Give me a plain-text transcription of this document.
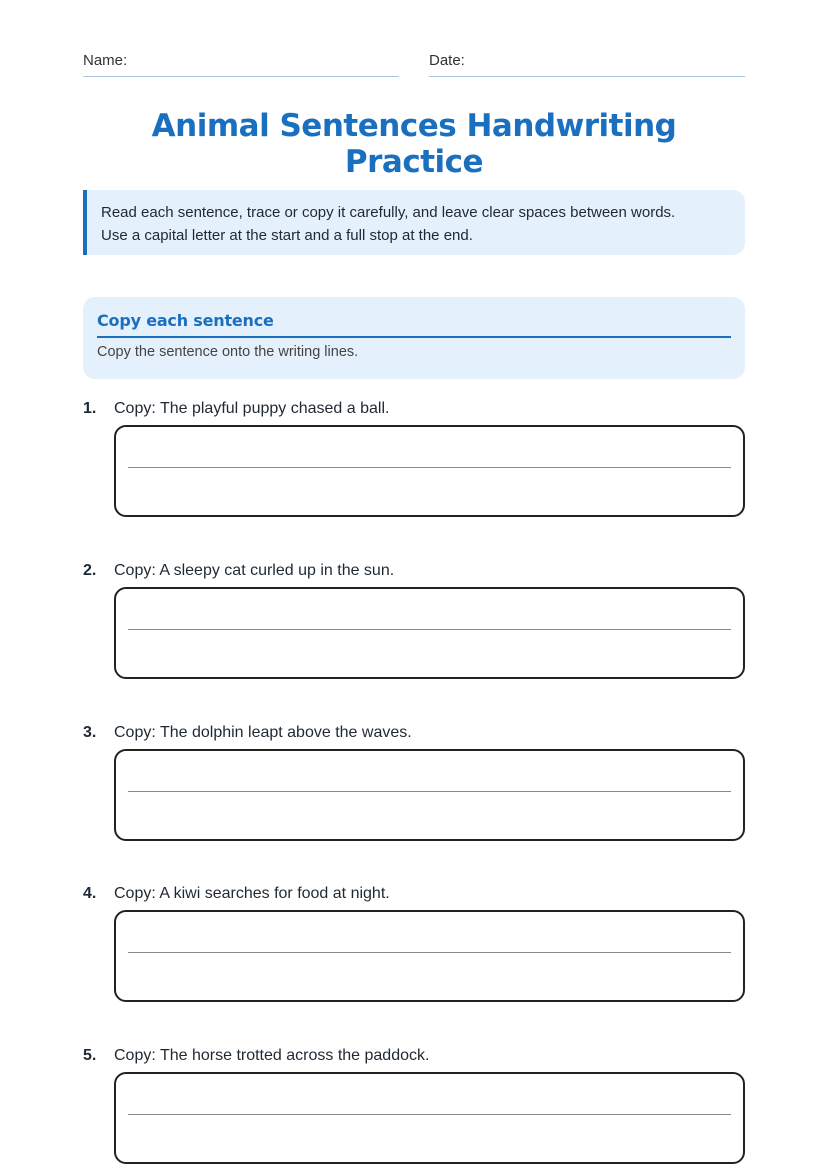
Name:	Date:
Animal Sentences Handwriting Practice
Read each sentence, trace or copy it carefully, and leave clear spaces between words.
Use a capital letter at the start and a full stop at the end.
Copy each sentence
Copy the sentence onto the writing lines.
1. Copy: The playful puppy chased a ball.
2. Copy: A sleepy cat curled up in the sun.
3. Copy: The dolphin leapt above the waves.
4. Copy: A kiwi searches for food at night.
5. Copy: The horse trotted across the paddock.
